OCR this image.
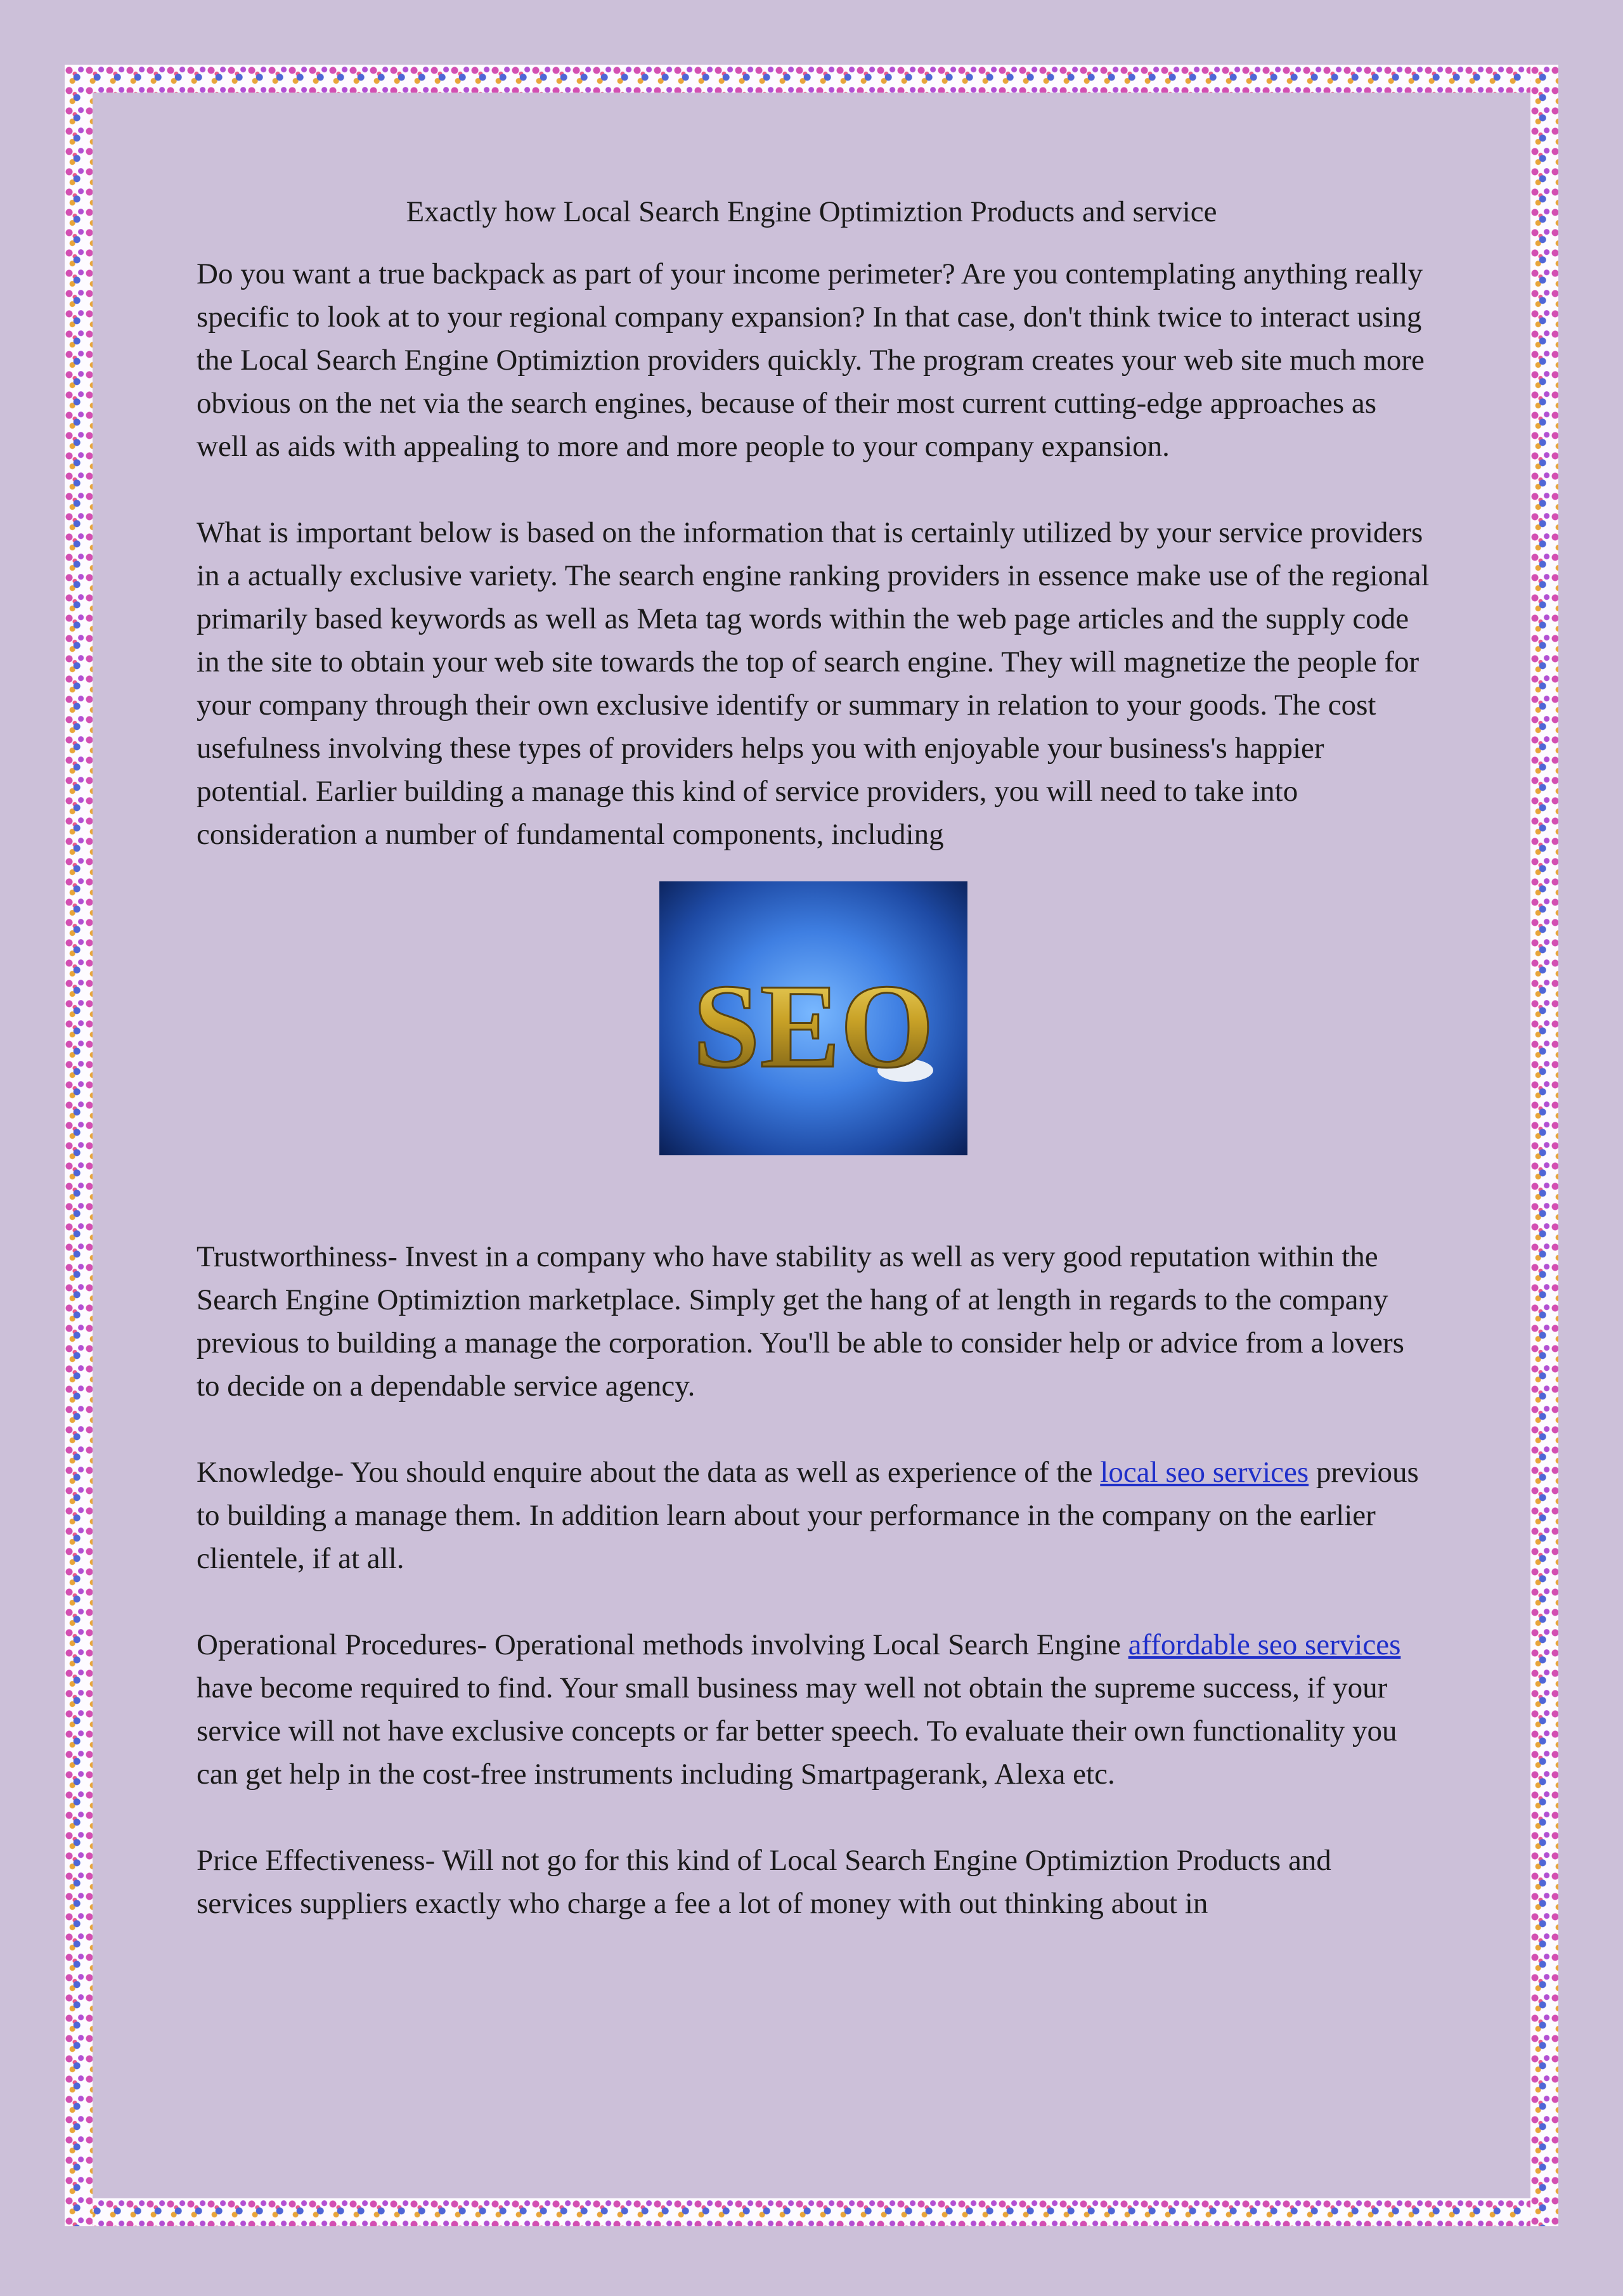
Exactly how Local Search Engine Optimiztion Products and service

Do you want a true backpack as part of your income perimeter? Are you contemplating anything really specific to look at to your regional company expansion? In that case, don't think twice to interact using the Local Search Engine Optimiztion providers quickly. The program creates your web site much more obvious on the net via the search engines, because of their most current cutting-edge approaches as well as aids with appealing to more and more people to your company expansion.

What is important below is based on the information that is certainly utilized by your service providers in a actually exclusive variety. The search engine ranking providers in essence make use of the regional primarily based keywords as well as Meta tag words within the web page articles and the supply code in the site to obtain your web site towards the top of search engine. They will magnetize the people for your company through their own exclusive identify or summary in relation to your goods. The cost usefulness involving these types of providers helps you with enjoyable your business's happier potential. Earlier building a manage this kind of service providers, you will need to take into consideration a number of fundamental components, including

SEO

Trustworthiness- Invest in a company who have stability as well as very good reputation within the Search Engine Optimiztion marketplace. Simply get the hang of at length in regards to the company previous to building a manage the corporation. You'll be able to consider help or advice from a lovers to decide on a dependable service agency.

Knowledge- You should enquire about the data as well as experience of the local seo services previous to building a manage them. In addition learn about your performance in the company on the earlier clientele, if at all.

Operational Procedures- Operational methods involving Local Search Engine affordable seo services have become required to find. Your small business may well not obtain the supreme success, if your service will not have exclusive concepts or far better speech. To evaluate their own functionality you can get help in the cost-free instruments including Smartpagerank, Alexa etc.

Price Effectiveness- Will not go for this kind of Local Search Engine Optimiztion Products and services suppliers exactly who charge a fee a lot of money with out thinking about in
